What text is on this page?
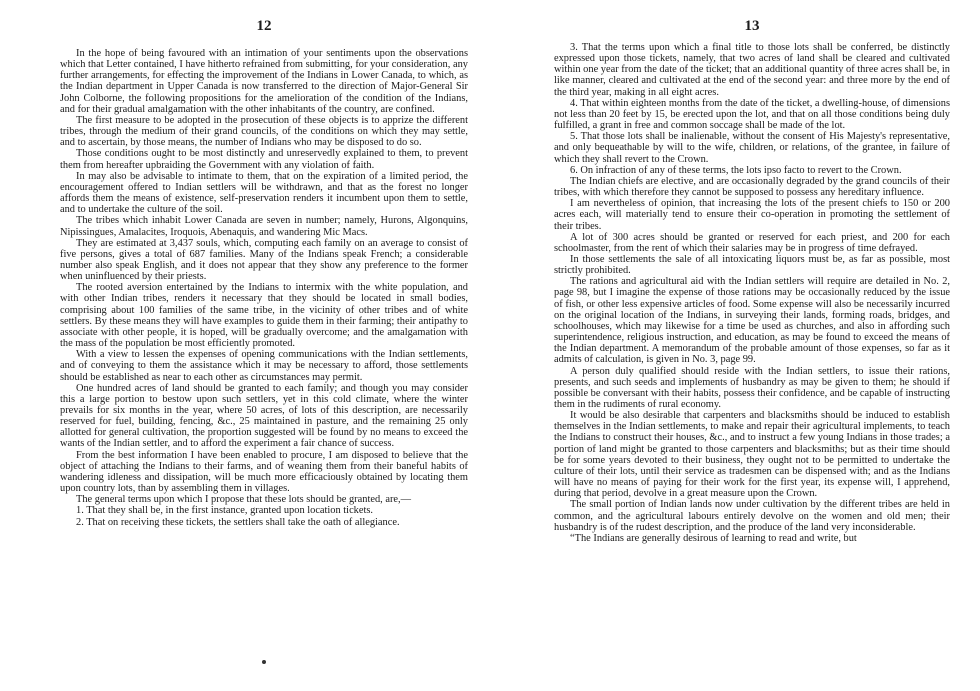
12

In the hope of being favoured with an intimation of your sentiments upon the observations which that Letter contained, I have hitherto refrained from submitting, for your consideration, any further arrangements, for effecting the improvement of the Indians in Lower Canada, to which, as the Indian department in Upper Canada is now transferred to the direction of Major-General Sir John Colborne, the following propositions for the amelioration of the condition of the Indians, and for their gradual amalgamation with the other inhabitants of the country, are confined.

The first measure to be adopted in the prosecution of these objects is to apprize the different tribes, through the medium of their grand councils, of the conditions on which they may settle, and to ascertain, by those means, the number of Indians who may be disposed to do so.

Those conditions ought to be most distinctly and unreservedly explained to them, to prevent them from hereafter upbraiding the Government with any violation of faith.

In may also be advisable to intimate to them, that on the expiration of a limited period, the encouragement offered to Indian settlers will be withdrawn, and that as the forest no longer affords them the means of existence, self-preservation renders it incumbent upon them to settle, and to undertake the culture of the soil.

The tribes which inhabit Lower Canada are seven in number; namely, Hurons, Algonquins, Nipissingues, Amalacites, Iroquois, Abenaquis, and wandering Mic Macs.

They are estimated at 3,437 souls, which, computing each family on an average to consist of five persons, gives a total of 687 families. Many of the Indians speak French; a considerable number also speak English, and it does not appear that they show any preference to the former when uninfluenced by their priests.

The rooted aversion entertained by the Indians to intermix with the white population, and with other Indian tribes, renders it necessary that they should be located in small bodies, comprising about 100 families of the same tribe, in the vicinity of other tribes and of white settlers. By these means they will have examples to guide them in their farming; their antipathy to associate with other people, it is hoped, will be gradually overcome; and the amalgamation with the mass of the population be most efficiently promoted.

With a view to lessen the expenses of opening communications with the Indian settlements, and of conveying to them the assistance which it may be necessary to afford, those settlements should be established as near to each other as circumstances may permit.

One hundred acres of land should be granted to each family; and though you may consider this a large portion to bestow upon such settlers, yet in this cold climate, where the winter prevails for six months in the year, where 50 acres, of lots of this description, are necessarily reserved for fuel, building, fencing, &c., 25 maintained in pasture, and the remaining 25 only allotted for general cultivation, the proportion suggested will be found by no means to exceed the wants of the Indian settler, and to afford the experiment a fair chance of success.

From the best information I have been enabled to procure, I am disposed to believe that the object of attaching the Indians to their farms, and of weaning them from their baneful habits of wandering idleness and dissipation, will be much more efficaciously obtained by locating them upon country lots, than by assembling them in villages.

The general terms upon which I propose that these lots should be granted, are,—

1. That they shall be, in the first instance, granted upon location tickets.

2. That on receiving these tickets, the settlers shall take the oath of allegiance.

13

3. That the terms upon which a final title to those lots shall be conferred, be distinctly expressed upon those tickets, namely, that two acres of land shall be cleared and cultivated within one year from the date of the ticket; that an additional quantity of three acres shall be, in like manner, cleared and cultivated at the end of the second year: and three more by the end of the third year, making in all eight acres.

4. That within eighteen months from the date of the ticket, a dwelling-house, of dimensions not less than 20 feet by 15, be erected upon the lot, and that on all those conditions being duly fulfilled, a grant in free and common soccage shall be made of the lot.

5. That those lots shall be inalienable, without the consent of His Majesty's representative, and only bequeathable by will to the wife, children, or relations, of the grantee, in failure of which they shall revert to the Crown.

6. On infraction of any of these terms, the lots ipso facto to revert to the Crown.

The Indian chiefs are elective, and are occasionally degraded by the grand councils of their tribes, with which therefore they cannot be supposed to possess any hereditary influence.

I am nevertheless of opinion, that increasing the lots of the present chiefs to 150 or 200 acres each, will materially tend to ensure their co-operation in promoting the settlement of their tribes.

A lot of 300 acres should be granted or reserved for each priest, and 200 for each schoolmaster, from the rent of which their salaries may be in progress of time defrayed.

In those settlements the sale of all intoxicating liquors must be, as far as possible, most strictly prohibited.

The rations and agricultural aid with the Indian settlers will require are detailed in No. 2, page 98, but I imagine the expense of those rations may be occasionally reduced by the issue of fish, or other less expensive articles of food. Some expense will also be necessarily incurred on the original location of the Indians, in surveying their lands, forming roads, bridges, and schoolhouses, which may likewise for a time be used as churches, and also in affording such superintendence, religious instruction, and education, as may be found to exceed the means of the Indian department. A memorandum of the probable amount of those expenses, so far as it admits of calculation, is given in No. 3, page 99.

A person duly qualified should reside with the Indian settlers, to issue their rations, presents, and such seeds and implements of husbandry as may be given to them; he should if possible be conversant with their habits, possess their confidence, and be capable of instructing them in the rudiments of rural economy.

It would be also desirable that carpenters and blacksmiths should be induced to establish themselves in the Indian settlements, to make and repair their agricultural implements, to teach the Indians to construct their houses, &c., and to instruct a few young Indians in those trades; a portion of land might be granted to those carpenters and blacksmiths; but as their time should be for some years devoted to their business, they ought not to be permitted to undertake the culture of their lots, until their service as tradesmen can be dispensed with; and as the Indians will have no means of paying for their work for the first year, its expense will, I apprehend, during that period, devolve in a great measure upon the Crown.

The small portion of Indian lands now under cultivation by the different tribes are held in common, and the agricultural labours entirely devolve on the women and old men; their husbandry is of the rudest description, and the produce of the land very inconsiderable.

“The Indians are generally desirous of learning to read and write, but
